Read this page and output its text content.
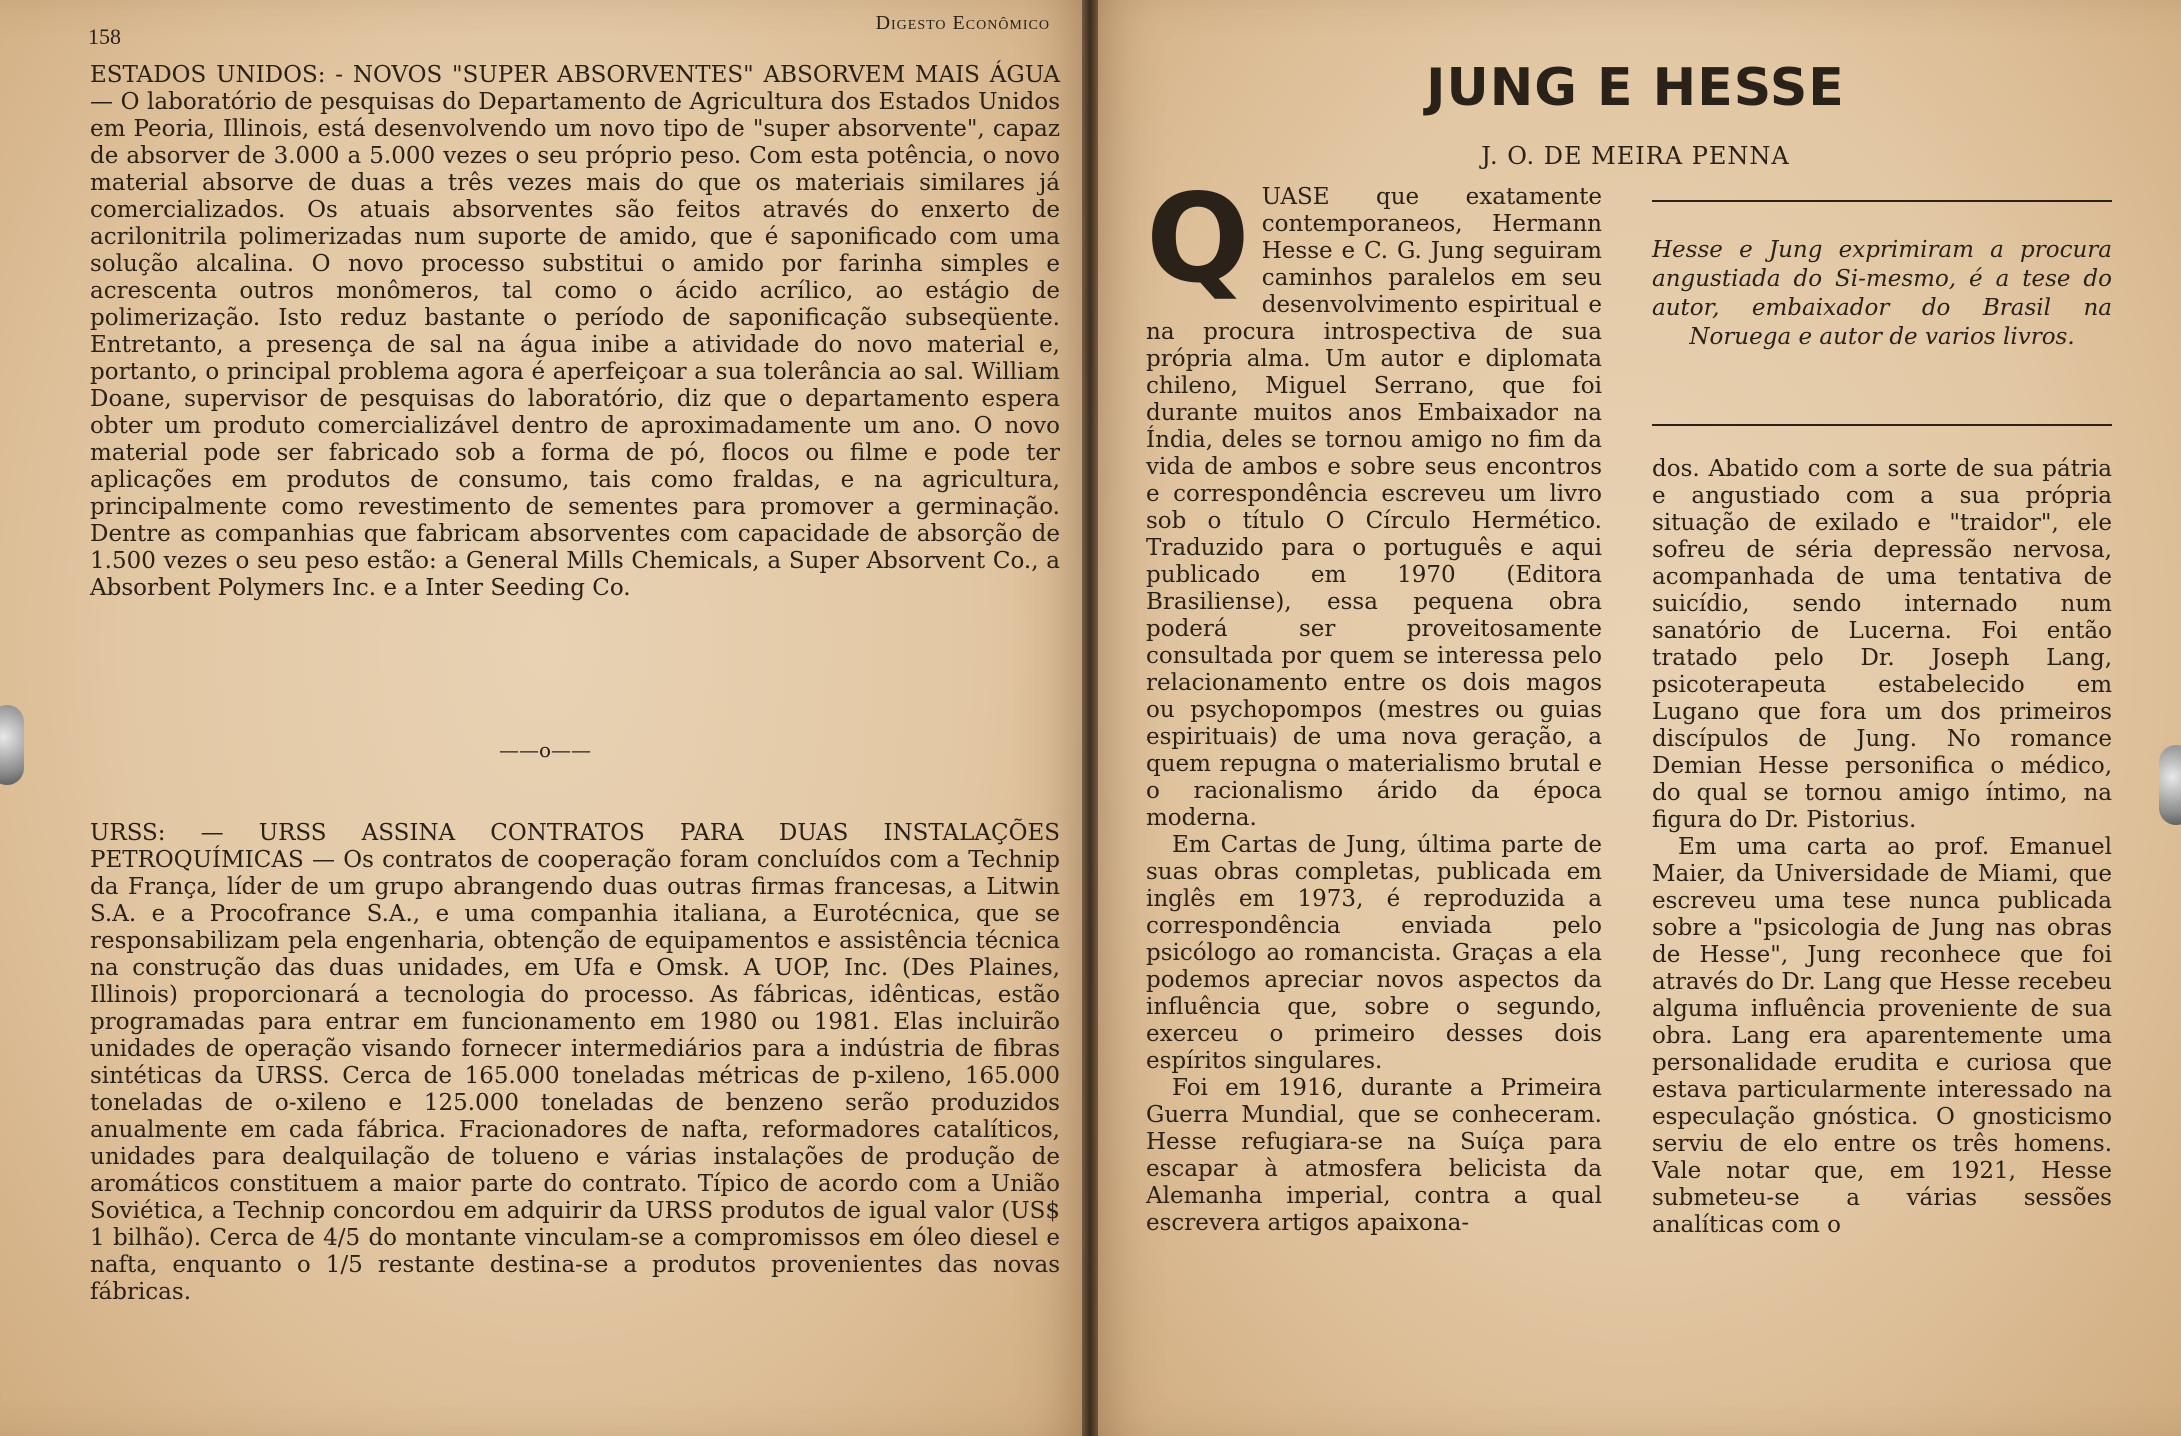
158
Digesto Econômico
ESTADOS UNIDOS: - NOVOS "SUPER ABSORVENTES" ABSORVEM MAIS ÁGUA — O laboratório de pesquisas do Departamento de Agricultura dos Estados Unidos em Peoria, Illinois, está desenvolvendo um novo tipo de "super absorvente", capaz de absorver de 3.000 a 5.000 vezes o seu próprio peso. Com esta potência, o novo material absorve de duas a três vezes mais do que os materiais similares já comercializados. Os atuais absorventes são feitos através do enxerto de acrilonitrila polimerizadas num suporte de amido, que é saponificado com uma solução alcalina. O novo processo substitui o amido por farinha simples e acrescenta outros monômeros, tal como o ácido acrílico, ao estágio de polimerização. Isto reduz bastante o período de saponificação subseqüente. Entretanto, a presença de sal na água inibe a atividade do novo material e, portanto, o principal problema agora é aperfeiçoar a sua tolerância ao sal. William Doane, supervisor de pesquisas do laboratório, diz que o departamento espera obter um produto comercializável dentro de aproximadamente um ano. O novo material pode ser fabricado sob a forma de pó, flocos ou filme e pode ter aplicações em produtos de consumo, tais como fraldas, e na agricultura, principalmente como revestimento de sementes para promover a germinação. Dentre as companhias que fabricam absorventes com capacidade de absorção de 1.500 vezes o seu peso estão: a General Mills Chemicals, a Super Absorvent Co., a Absorbent Polymers Inc. e a Inter Seeding Co.
——o——
URSS: — URSS ASSINA CONTRATOS PARA DUAS INSTALAÇÕES PETROQUÍMICAS — Os contratos de cooperação foram concluídos com a Technip da França, líder de um grupo abrangendo duas outras firmas francesas, a Litwin S.A. e a Procofrance S.A., e uma companhia italiana, a Eurotécnica, que se responsabilizam pela engenharia, obtenção de equipamentos e assistência técnica na construção das duas unidades, em Ufa e Omsk. A UOP, Inc. (Des Plaines, Illinois) proporcionará a tecnologia do processo. As fábricas, idênticas, estão programadas para entrar em funcionamento em 1980 ou 1981. Elas incluirão unidades de operação visando fornecer intermediários para a indústria de fibras sintéticas da URSS. Cerca de 165.000 toneladas métricas de p-xileno, 165.000 toneladas de o-xileno e 125.000 toneladas de benzeno serão produzidos anualmente em cada fábrica. Fracionadores de nafta, reformadores catalíticos, unidades para dealquilação de tolueno e várias instalações de produção de aromáticos constituem a maior parte do contrato. Típico de acordo com a União Soviética, a Technip concordou em adquirir da URSS produtos de igual valor (US$ 1 bilhão). Cerca de 4/5 do montante vinculam-se a compromissos em óleo diesel e nafta, enquanto o 1/5 restante destina-se a produtos provenientes das novas fábricas.
JUNG E HESSE
J. O. DE MEIRA PENNA
Q UASE que exatamente contemporaneos, Hermann Hesse e C. G. Jung seguiram caminhos paralelos em seu desenvolvimento espiritual e na procura introspectiva de sua própria alma. Um autor e diplomata chileno, Miguel Serrano, que foi durante muitos anos Embaixador na Índia, deles se tornou amigo no fim da vida de ambos e sobre seus encontros e correspondência escreveu um livro sob o título O Círculo Hermético. Traduzido para o português e aqui publicado em 1970 (Editora Brasiliense), essa pequena obra poderá ser proveitosamente consultada por quem se interessa pelo relacionamento entre os dois magos ou psychopompos (mestres ou guias espirituais) de uma nova geração, a quem repugna o materialismo brutal e o racionalismo árido da época moderna.

Em Cartas de Jung, última parte de suas obras completas, publicada em inglês em 1973, é reproduzida a correspondência enviada pelo psicólogo ao romancista. Graças a ela podemos apreciar novos aspectos da influência que, sobre o segundo, exerceu o primeiro desses dois espíritos singulares.

Foi em 1916, durante a Primeira Guerra Mundial, que se conheceram. Hesse refugiara-se na Suíça para escapar à atmosfera belicista da Alemanha imperial, contra a qual escrevera artigos apaixona-

Hesse e Jung exprimiram a procura angustiada do Si-mesmo, é a tese do autor, embaixador do Brasil na Noruega e autor de varios livros.

dos. Abatido com a sorte de sua pátria e angustiado com a sua própria situação de exilado e "traidor", ele sofreu de séria depressão nervosa, acompanhada de uma tentativa de suicídio, sendo internado num sanatório de Lucerna. Foi então tratado pelo Dr. Joseph Lang, psicoterapeuta estabelecido em Lugano que fora um dos primeiros discípulos de Jung. No romance Demian Hesse personifica o médico, do qual se tornou amigo íntimo, na figura do Dr. Pistorius.

Em uma carta ao prof. Emanuel Maier, da Universidade de Miami, que escreveu uma tese nunca publicada sobre a "psicologia de Jung nas obras de Hesse", Jung reconhece que foi através do Dr. Lang que Hesse recebeu alguma influência proveniente de sua obra. Lang era aparentemente uma personalidade erudita e curiosa que estava particularmente interessado na especulação gnóstica. O gnosticismo serviu de elo entre os três homens. Vale notar que, em 1921, Hesse submeteu-se a várias sessões analíticas com o
